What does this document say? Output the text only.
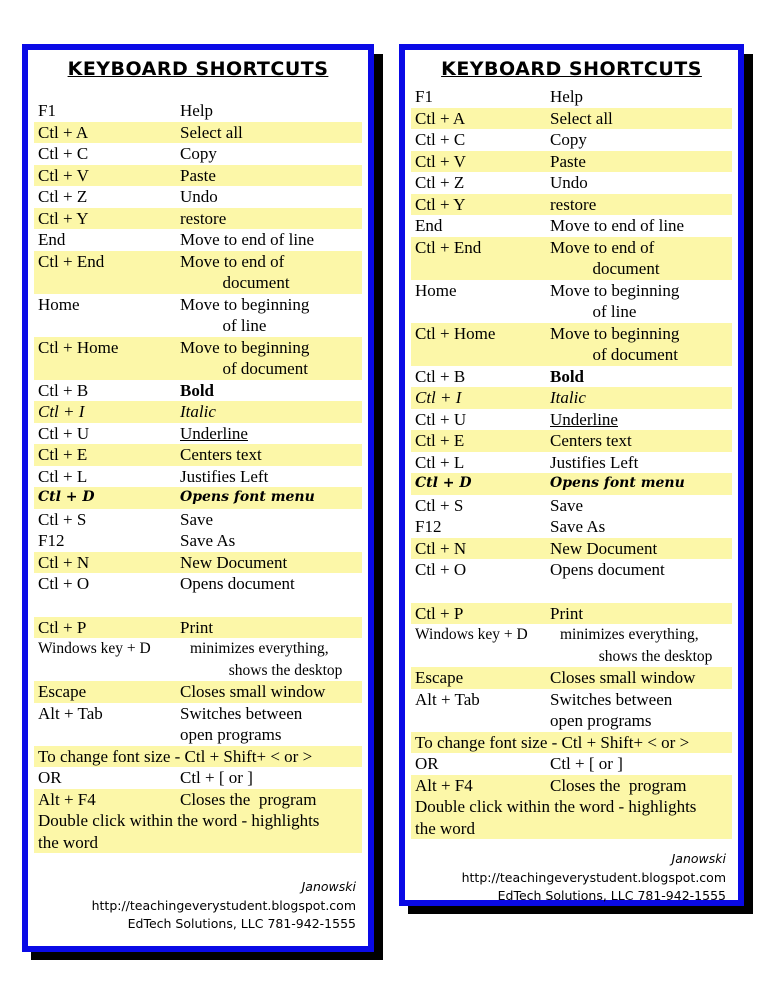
KEYBOARD SHORTCUTS
F1	Help
Ctl + A	Select all
Ctl + C	Copy
Ctl + V	Paste
Ctl + Z	Undo
Ctl + Y	restore
End	Move to end of line
Ctl + End	Move to end of
document
Home	Move to beginning
of line
Ctl + Home	Move to beginning
of document
Ctl + B	Bold
Ctl + I	Italic
Ctl + U	Underline
Ctl + E	Centers text
Ctl + L	Justifies Left
Ctl + D	Opens font menu
Ctl + S	Save
F12	Save As
Ctl + N	New Document
Ctl + O	Opens document
Ctl + P	Print
Windows key + D	minimizes everything,
shows the desktop
Escape	Closes small window
Alt + Tab	Switches between
open programs
To change font size - Ctl + Shift+ < or >
OR	Ctl + [ or ]
Alt + F4	Closes the  program
Double click within the word - highlights
the word
Janowski
http://teachingeverystudent.blogspot.com
EdTech Solutions, LLC 781-942-1555
KEYBOARD SHORTCUTS
F1	Help
Ctl + A	Select all
Ctl + C	Copy
Ctl + V	Paste
Ctl + Z	Undo
Ctl + Y	restore
End	Move to end of line
Ctl + End	Move to end of
document
Home	Move to beginning
of line
Ctl + Home	Move to beginning
of document
Ctl + B	Bold
Ctl + I	Italic
Ctl + U	Underline
Ctl + E	Centers text
Ctl + L	Justifies Left
Ctl + D	Opens font menu
Ctl + S	Save
F12	Save As
Ctl + N	New Document
Ctl + O	Opens document
Ctl + P	Print
Windows key + D minimizes everything,
shows the desktop
Escape	Closes small window
Alt + Tab	Switches between
open programs
To change font size - Ctl + Shift+ < or >
OR	Ctl + [ or ]
Alt + F4	Closes the  program
Double click within the word - highlights
the word
Janowski
http://teachingeverystudent.blogspot.com
EdTech Solutions, LLC 781-942-1555
